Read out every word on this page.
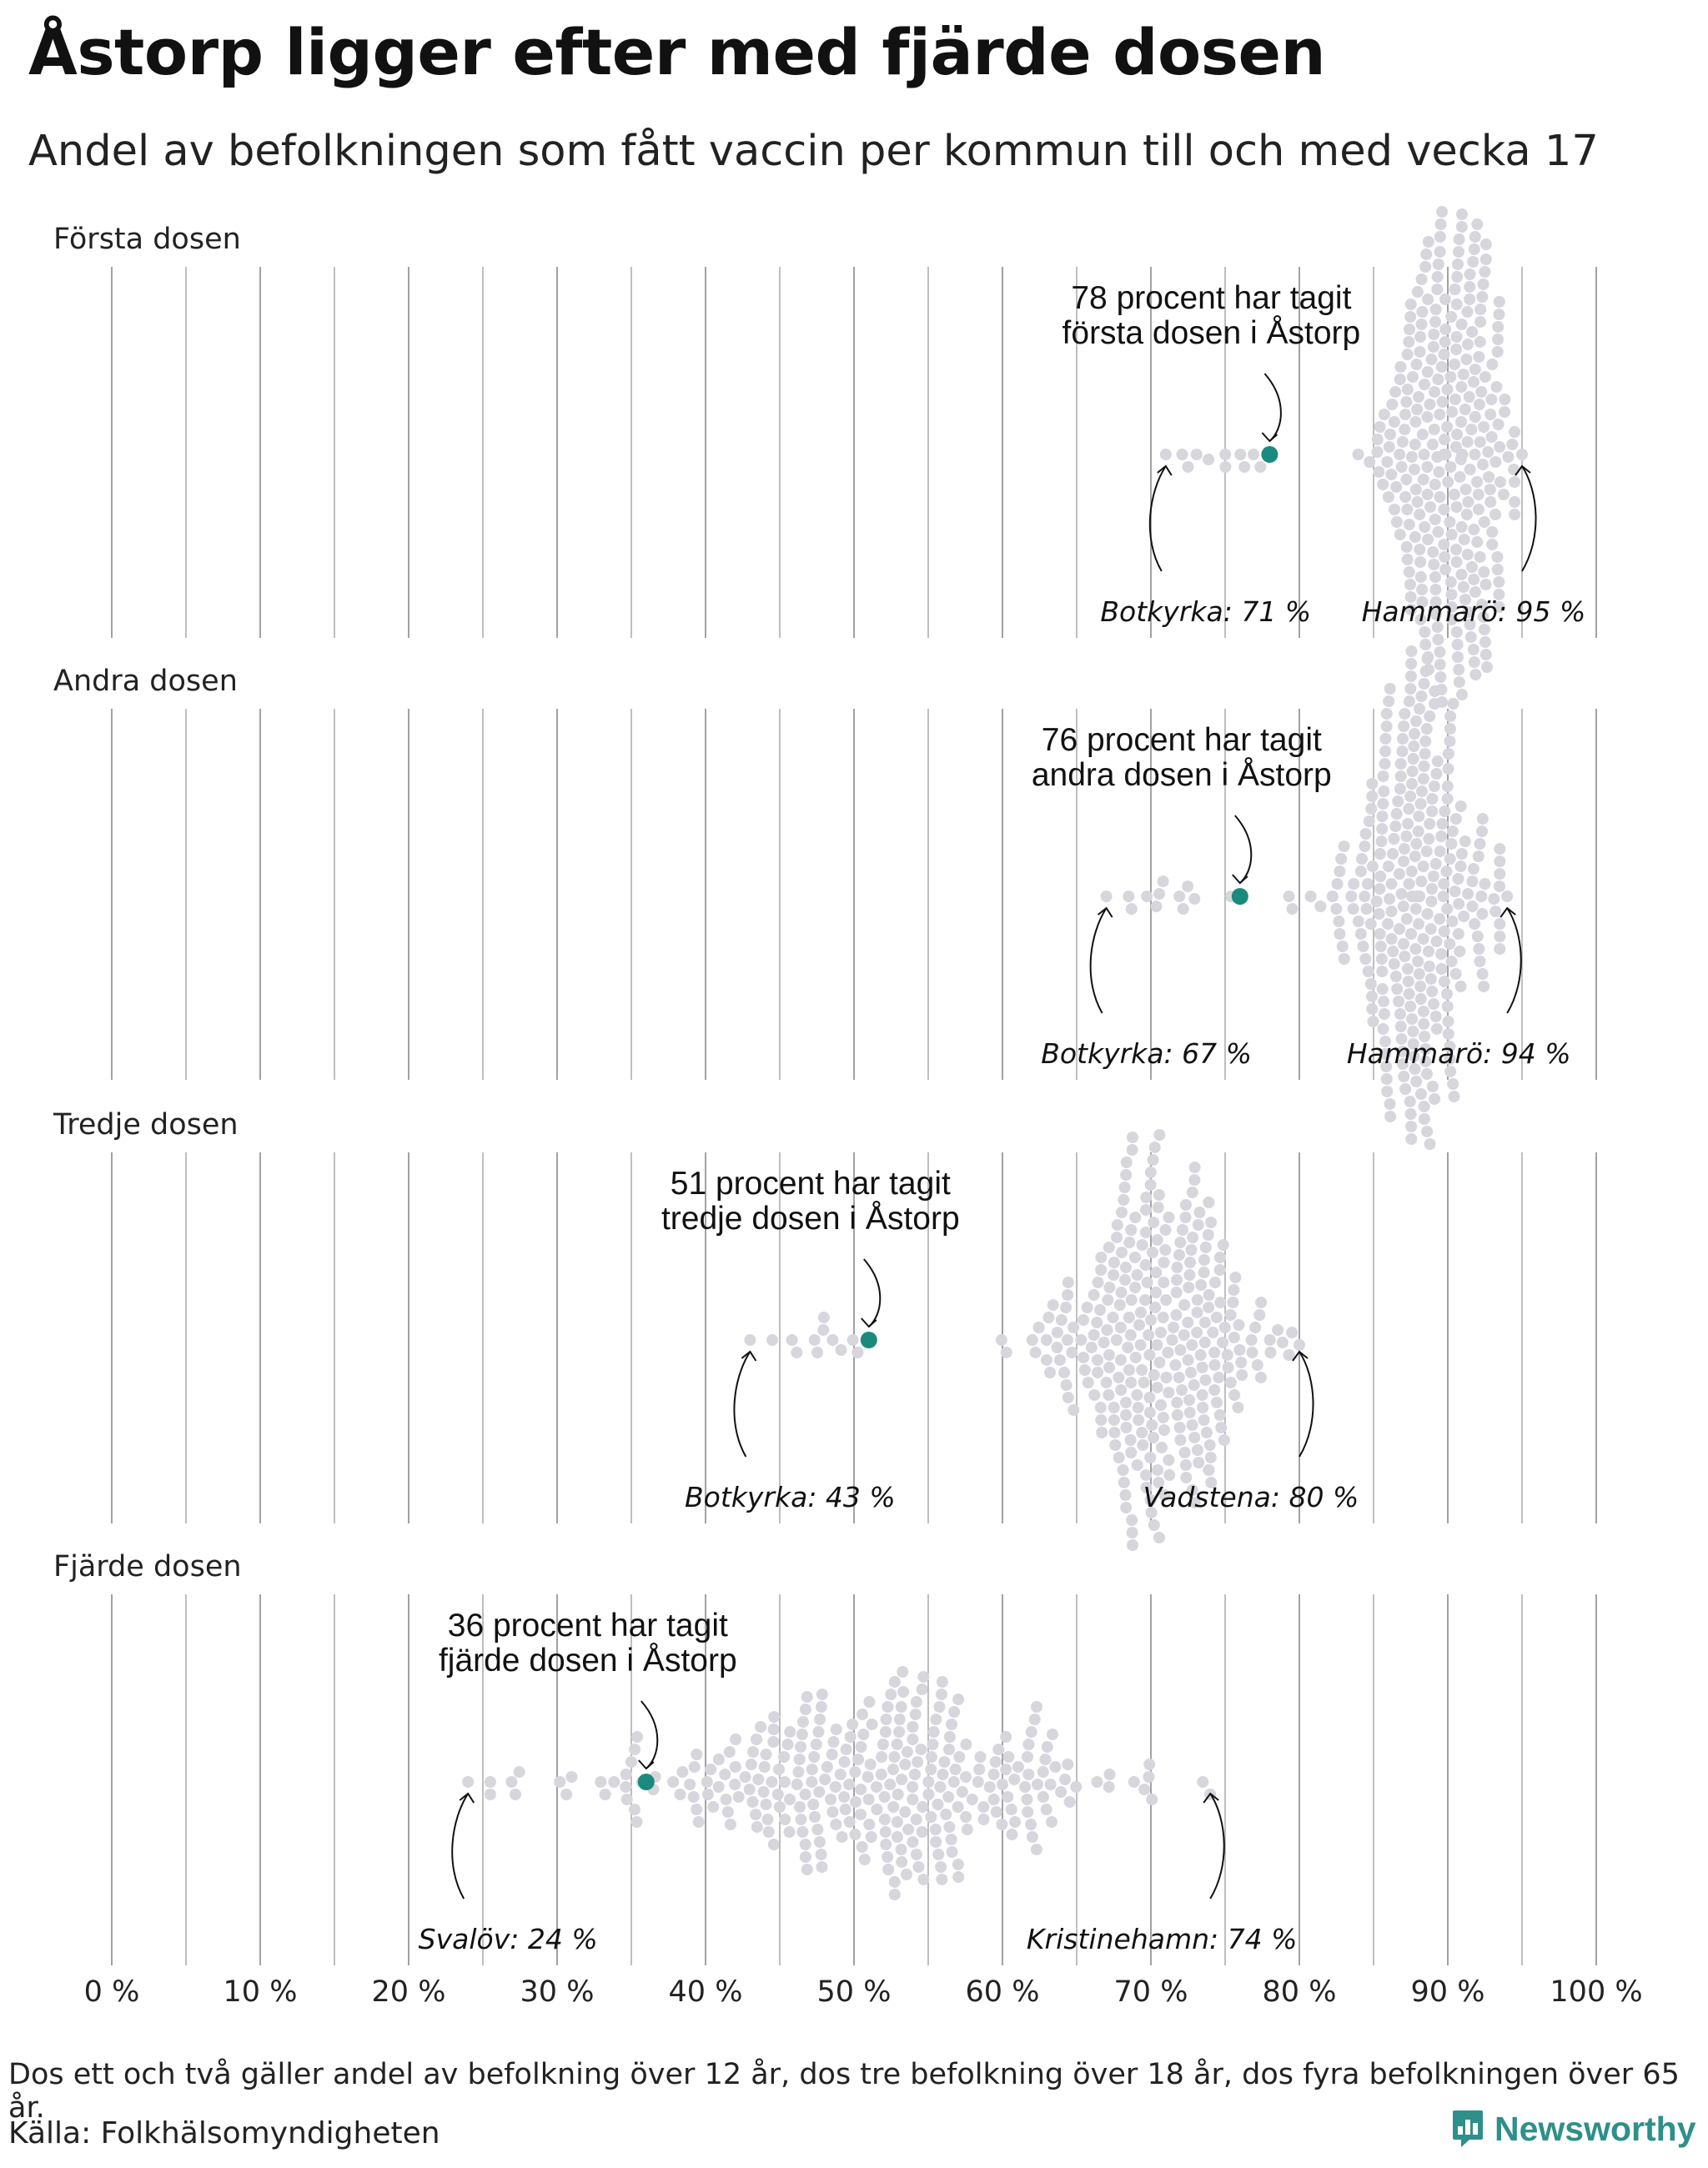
Åstorp ligger efter med fjärde dosen
Andel av befolkningen som fått vaccin per kommun till och med vecka 17
Första dosen
78 procent har tagit
första dosen i Åstorp
Botkyrka: 71 % Hammarö: 95 %
Andra dosen
76 procent har tagit
andra dosen i Åstorp
Botkyrka: 67 %	Hammarö: 94 %
Tredje dosen
51 procent har tagit
tredje dosen i Åstorp
Botkyrka: 43 %	Vadstena: 80 %
Fjärde dosen
36 procent har tagit
fjärde dosen i Åstorp
Svalöv: 24 %	Kristinehamn: 74 %
0 %	10 %	20 %	30 %	40 %	50 %	60 %	70 %	80 %	90 % 100 %
Dos ett och två gäller andel av befolkning över 12 år, dos tre befolkning över 18 år, dos fyra befolkningen över 65 år.
Källa: Folkhälsomyndigheten	Newsworthy
